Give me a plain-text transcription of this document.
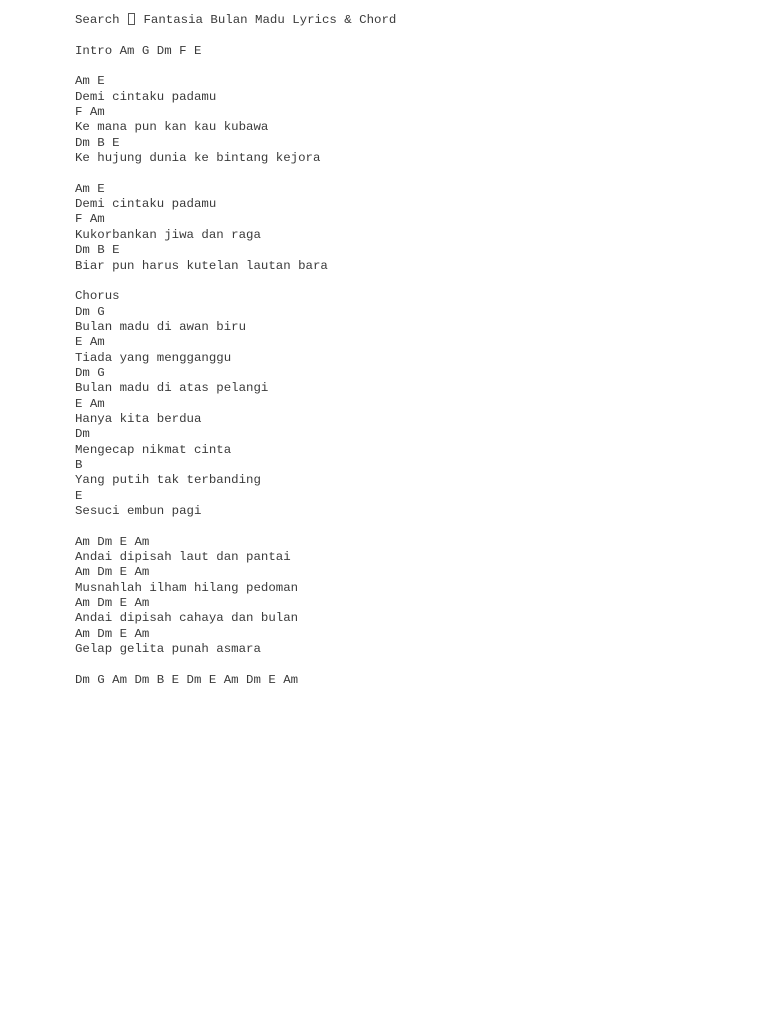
Search Fantasia Bulan Madu Lyrics & Chord
Intro Am G Dm F E
Am E
Demi cintaku padamu
F Am
Ke mana pun kan kau kubawa
Dm B E
Ke hujung dunia ke bintang kejora
Am E
Demi cintaku padamu
F Am
Kukorbankan jiwa dan raga
Dm B E
Biar pun harus kutelan lautan bara
Chorus
Dm G
Bulan madu di awan biru
E Am
Tiada yang mengganggu
Dm G
Bulan madu di atas pelangi
E Am
Hanya kita berdua
Dm
Mengecap nikmat cinta
B
Yang putih tak terbanding
E
Sesuci embun pagi
Am Dm E Am
Andai dipisah laut dan pantai
Am Dm E Am
Musnahlah ilham hilang pedoman
Am Dm E Am
Andai dipisah cahaya dan bulan
Am Dm E Am
Gelap gelita punah asmara
Dm G Am Dm B E Dm E Am Dm E Am
